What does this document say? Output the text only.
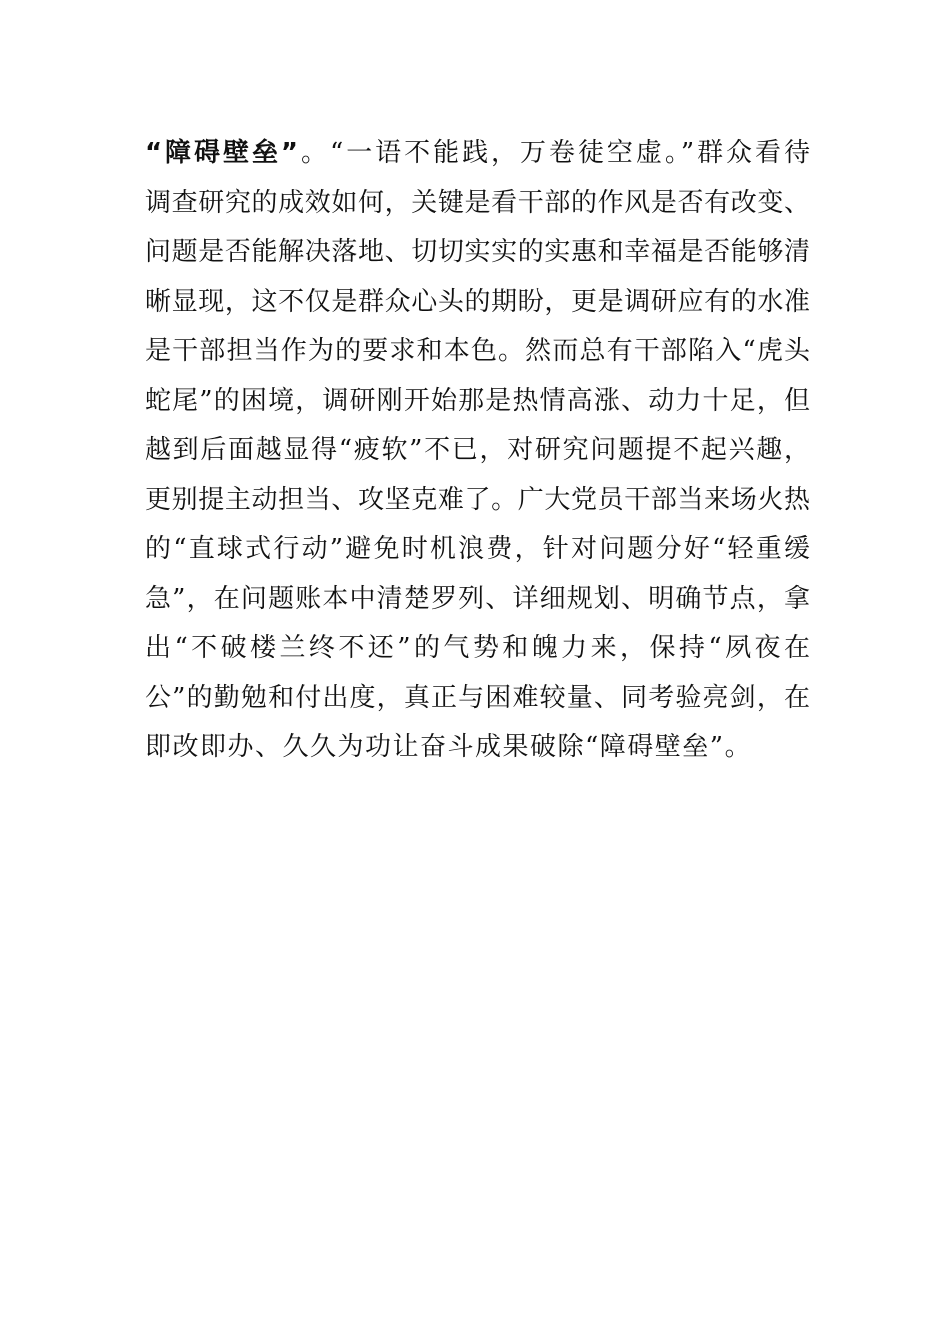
“障碍壁垒”。“一语不能践，万卷徒空虚。”群众看待
调查研究的成效如何，关键是看干部的作风是否有改变、
问题是否能解决落地、切切实实的实惠和幸福是否能够清
晰显现，这不仅是群众心头的期盼，更是调研应有的水准
是干部担当作为的要求和本色。然而总有干部陷入“虎头
蛇尾”的困境，调研刚开始那是热情高涨、动力十足，但
越到后面越显得“疲软”不已，对研究问题提不起兴趣，
更别提主动担当、攻坚克难了。广大党员干部当来场火热
的“直球式行动”避免时机浪费，针对问题分好“轻重缓
急”，在问题账本中清楚罗列、详细规划、明确节点，拿
出“不破楼兰终不还”的气势和魄力来，保持“夙夜在
公”的勤勉和付出度，真正与困难较量、同考验亮剑，在
即改即办、久久为功让奋斗成果破除“障碍壁垒”。
